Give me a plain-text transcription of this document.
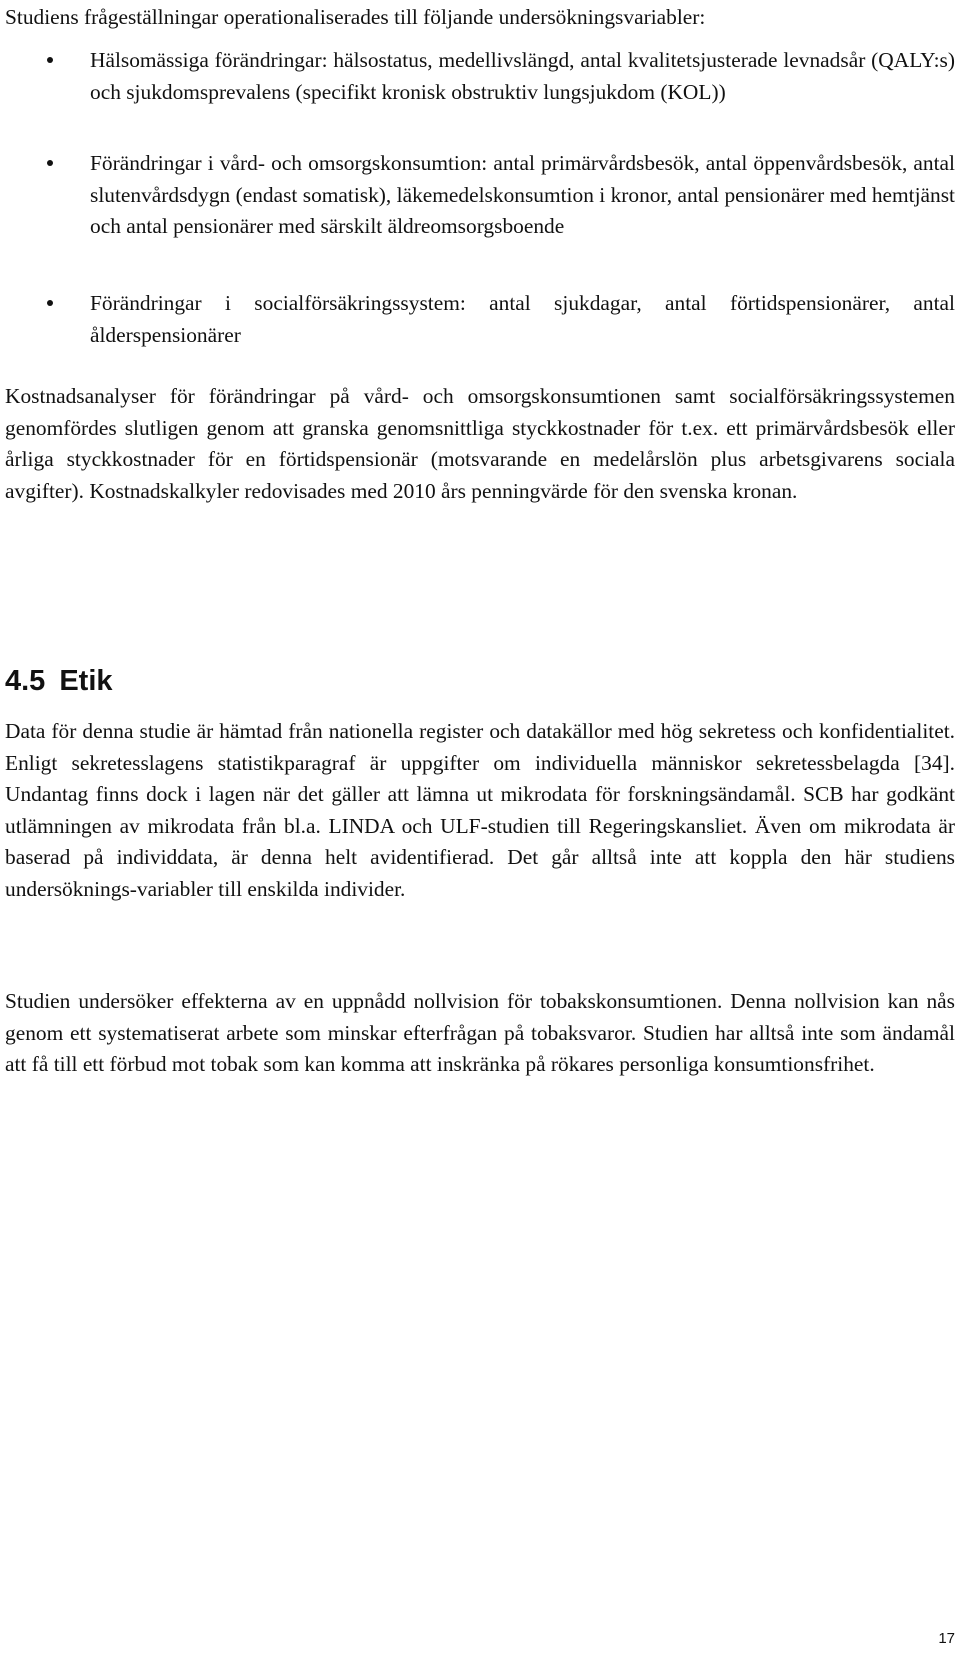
Studiens frågeställningar operationaliserades till följande undersökningsvariabler:

Hälsomässiga förändringar: hälsostatus, medellivslängd, antal kvalitetsjusterade levnadsår (QALY:s) och sjukdomsprevalens (specifikt kronisk obstruktiv lungsjukdom (KOL))

Förändringar i vård- och omsorgskonsumtion: antal primärvårdsbesök, antal öppenvårdsbesök, antal slutenvårdsdygn (endast somatisk), läkemedelskonsumtion i kronor, antal pensionärer med hemtjänst och antal pensionärer med särskilt äldreomsorgsboende

Förändringar i socialförsäkringssystem: antal sjukdagar, antal förtidspensionärer, antal ålderspensionärer

Kostnadsanalyser för förändringar på vård- och omsorgskonsumtionen samt socialförsäkringssystemen genomfördes slutligen genom att granska genomsnittliga styckkostnader för t.ex. ett primärvårdsbesök eller årliga styckkostnader för en förtidspensionär (motsvarande en medelårslön plus arbetsgivarens sociala avgifter). Kostnadskalkyler redovisades med 2010 års penningvärde för den svenska kronan.

4.5 Etik

Data för denna studie är hämtad från nationella register och datakällor med hög sekretess och konfidentialitet. Enligt sekretesslagens statistikparagraf är uppgifter om individuella människor sekretessbelagda [34]. Undantag finns dock i lagen när det gäller att lämna ut mikrodata för forskningsändamål. SCB har godkänt utlämningen av mikrodata från bl.a. LINDA och ULF-studien till Regeringskansliet. Även om mikrodata är baserad på individdata, är denna helt avidentifierad. Det går alltså inte att koppla den här studiens undersöknings-variabler till enskilda individer.

Studien undersöker effekterna av en uppnådd nollvision för tobakskonsumtionen. Denna nollvision kan nås genom ett systematiserat arbete som minskar efterfrågan på tobaksvaror. Studien har alltså inte som ändamål att få till ett förbud mot tobak som kan komma att inskränka på rökares personliga konsumtionsfrihet.

17
